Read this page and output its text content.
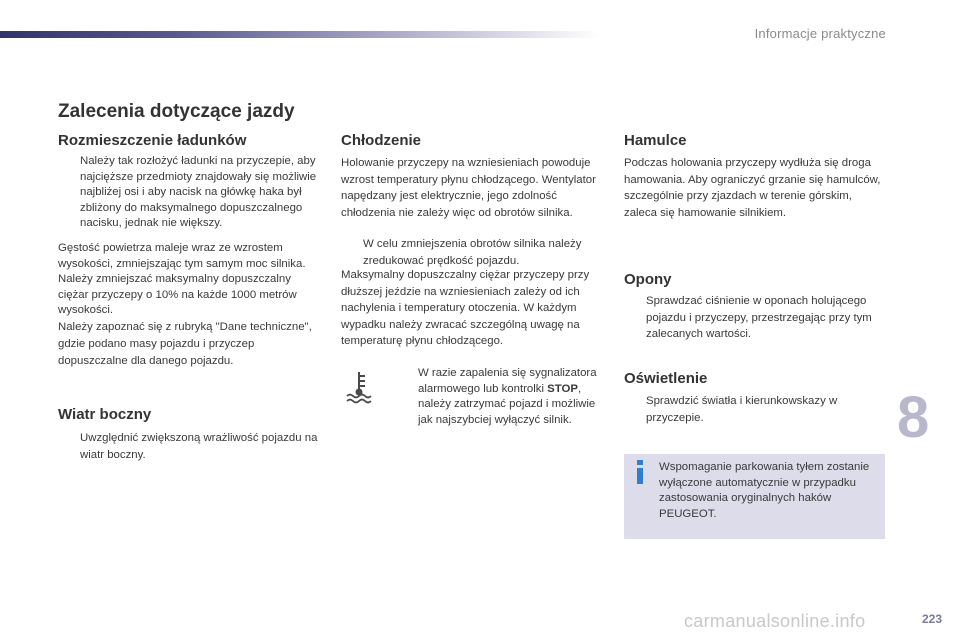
Informacje praktyczne
Zalecenia dotyczące jazdy
Rozmieszczenie ładunków
Należy tak rozłożyć ładunki na przyczepie, aby najcięższe przedmioty znajdowały się możliwie najbliżej osi i aby nacisk na główkę haka był zbliżony do maksymalnego dopuszczalnego nacisku, jednak nie większy.
Gęstość powietrza maleje wraz ze wzrostem wysokości, zmniejszając tym samym moc silnika. Należy zmniejszać maksymalny dopuszczalny ciężar przyczepy o 10% na każde 1000 metrów wysokości.
Należy zapoznać się z rubryką "Dane techniczne", gdzie podano masy pojazdu i przyczep dopuszczalne dla danego pojazdu.
Wiatr boczny
Uwzględnić zwiększoną wrażliwość pojazdu na wiatr boczny.
Chłodzenie
Holowanie przyczepy na wzniesieniach powoduje wzrost temperatury płynu chłodzącego. Wentylator napędzany jest elektrycznie, jego zdolność chłodzenia nie zależy więc od obrotów silnika.
W celu zmniejszenia obrotów silnika należy zredukować prędkość pojazdu.
Maksymalny dopuszczalny ciężar przyczepy przy dłuższej jeździe na wzniesieniach zależy od ich nachylenia i temperatury otoczenia. W każdym wypadku należy zwracać szczególną uwagę na temperaturę płynu chłodzącego.
W razie zapalenia się sygnalizatora alarmowego lub kontrolki STOP, należy zatrzymać pojazd i możliwie jak najszybciej wyłączyć silnik.
Hamulce
Podczas holowania przyczepy wydłuża się droga hamowania. Aby ograniczyć grzanie się hamulców, szczególnie przy zjazdach w terenie górskim, zaleca się hamowanie silnikiem.
Opony
Sprawdzać ciśnienie w oponach holującego pojazdu i przyczepy, przestrzegając przy tym zalecanych wartości.
Oświetlenie
Sprawdzić światła i kierunkowskazy w przyczepie.	8
Wspomaganie parkowania tyłem zostanie wyłączone automatycznie w przypadku zastosowania oryginalnych haków PEUGEOT.
carmanualsonline.info	223
